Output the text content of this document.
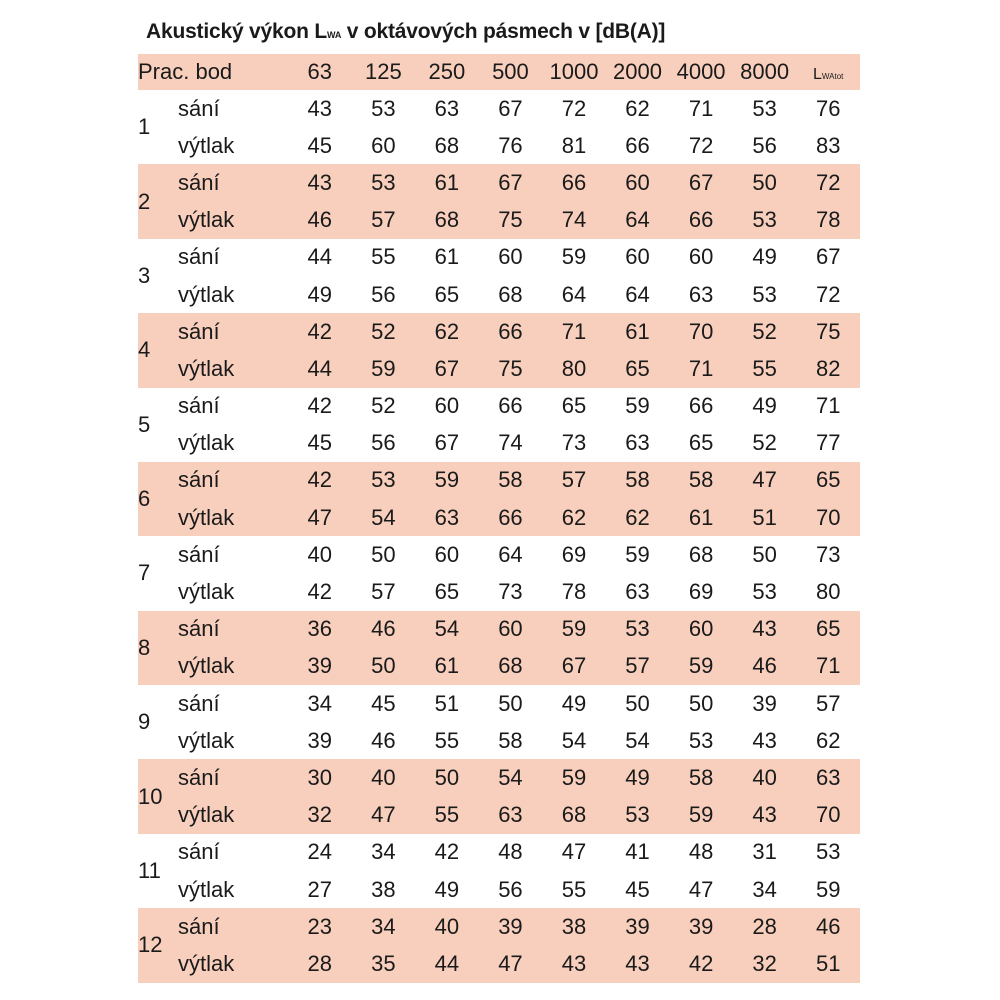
Akustický výkon LWA v oktávových pásmech v [dB(A)]
Prac. bod		63	125	250	500	1000	2000	4000	8000	LWAtot
1	sání	43	53	63	67	72	62	71	53	76
	výtlak	45	60	68	76	81	66	72	56	83
2	sání	43	53	61	67	66	60	67	50	72
	výtlak	46	57	68	75	74	64	66	53	78
3	sání	44	55	61	60	59	60	60	49	67
	výtlak	49	56	65	68	64	64	63	53	72
4	sání	42	52	62	66	71	61	70	52	75
	výtlak	44	59	67	75	80	65	71	55	82
5	sání	42	52	60	66	65	59	66	49	71
	výtlak	45	56	67	74	73	63	65	52	77
6	sání	42	53	59	58	57	58	58	47	65
	výtlak	47	54	63	66	62	62	61	51	70
7	sání	40	50	60	64	69	59	68	50	73
	výtlak	42	57	65	73	78	63	69	53	80
8	sání	36	46	54	60	59	53	60	43	65
	výtlak	39	50	61	68	67	57	59	46	71
9	sání	34	45	51	50	49	50	50	39	57
	výtlak	39	46	55	58	54	54	53	43	62
10	sání	30	40	50	54	59	49	58	40	63
	výtlak	32	47	55	63	68	53	59	43	70
11	sání	24	34	42	48	47	41	48	31	53
	výtlak	27	38	49	56	55	45	47	34	59
12	sání	23	34	40	39	38	39	39	28	46
	výtlak	28	35	44	47	43	43	42	32	51
